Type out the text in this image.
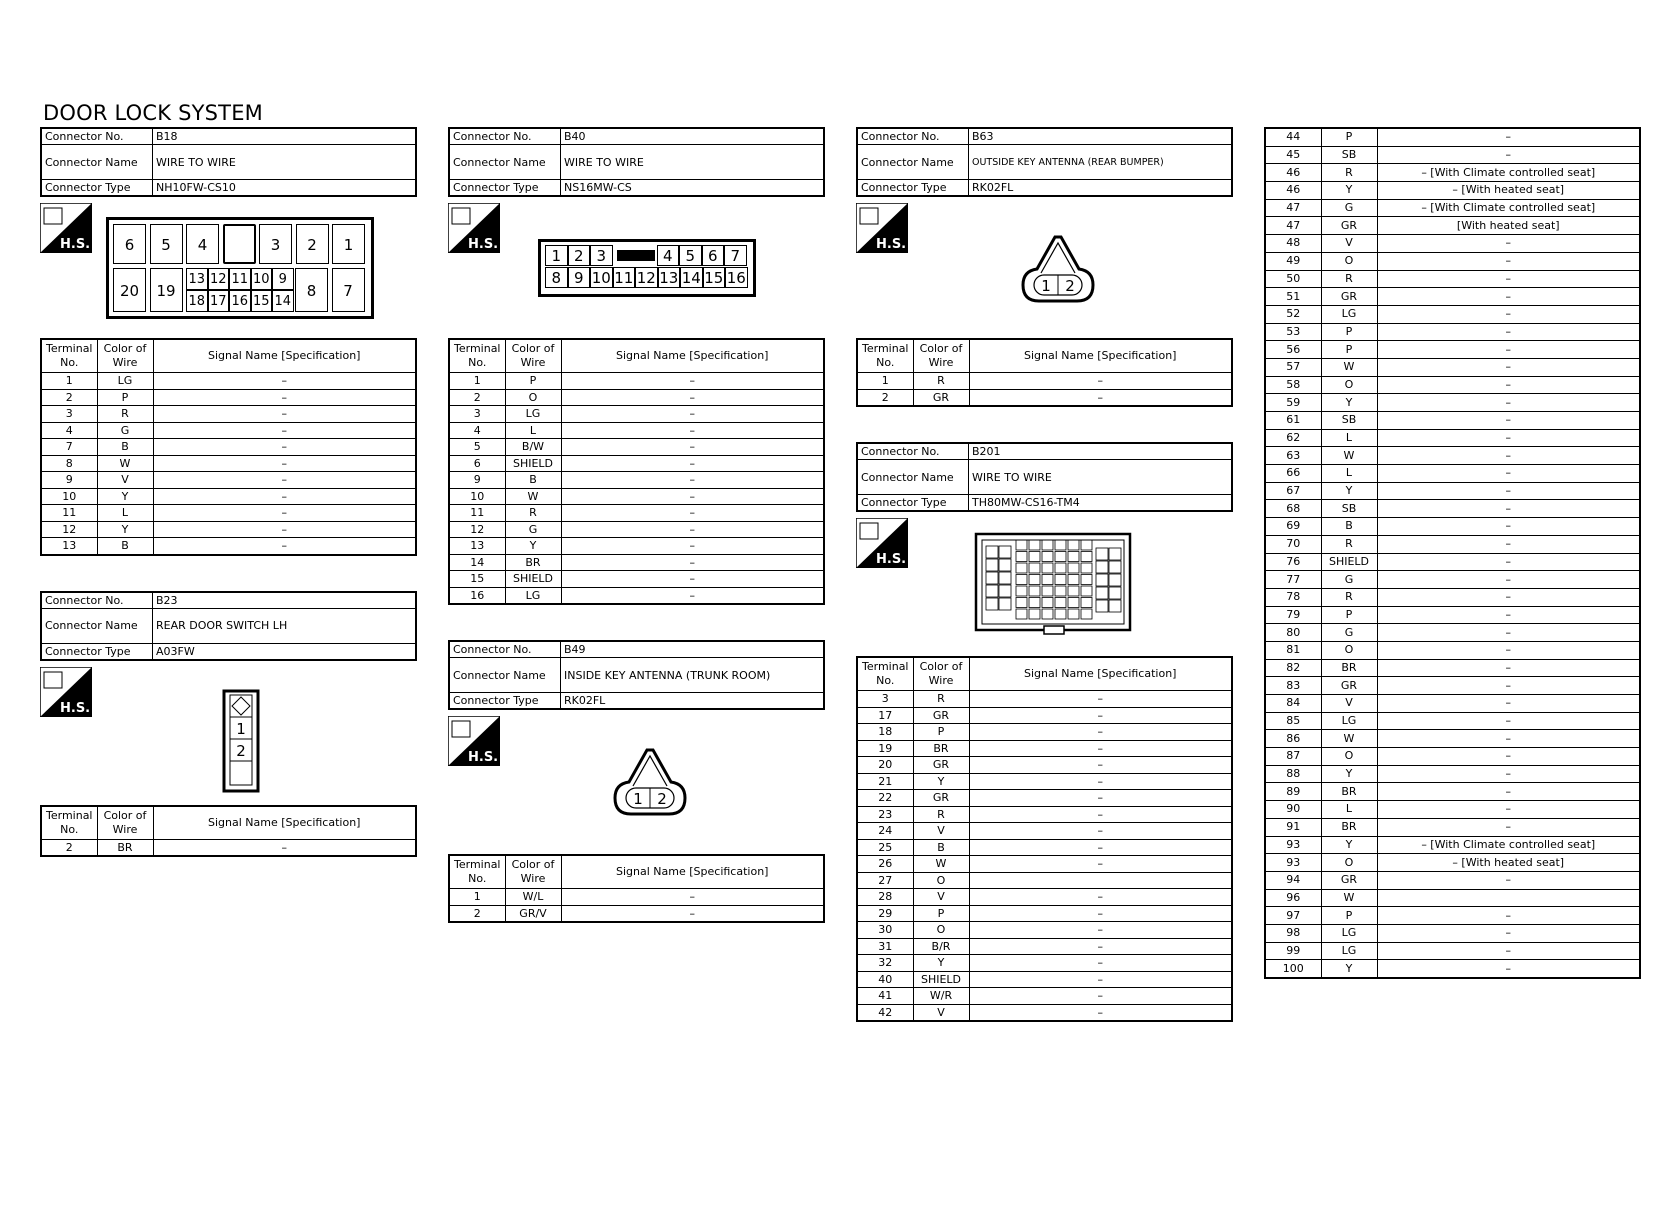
DOOR LOCK SYSTEM
Connector No.	B18
Connector Name	WIRE TO WIRE
Connector Type	NH10FW-CS10
H.S.	6	5	4	3	2	1
20	19
13 12 11 10 9
18 17 16 15 14
8	7
Terminal No.	Color of Wire	Signal Name [Specification]
1	LG	–
2	P	–
3	R	–
4	G	–
7	B	–
8	W	–
9	V	–
10	Y	–
11	L	–
12	Y	–
13	B	–
Connector No.	B23
Connector Name	REAR DOOR SWITCH LH
Connector Type	A03FW
H.S.
1
2
Terminal No.	Color of Wire	Signal Name [Specification]
2	BR	–
Connector No.	B40
Connector Name	WIRE TO WIRE
Connector Type	NS16MW-CS
H.S.
1 2 3	4 5 6 7
8 9 10 11 12 13 14 15 16
Terminal No.	Color of Wire	Signal Name [Specification]
1	P	–
2	O	–
3	LG	–
4	L	–
5	B/W	–
6	SHIELD	–
9	B	–
10	W	–
11	R	–
12	G	–
13	Y	–
14	BR	–
15	SHIELD	–
16	LG	–
Connector No.	B49
Connector Name	INSIDE KEY ANTENNA (TRUNK ROOM)
Connector Type	RK02FL
H.S.
1 2
Terminal No.	Color of Wire	Signal Name [Specification]
1	W/L	–
2	GR/V	–
Connector No.	B63
Connector Name	OUTSIDE KEY ANTENNA (REAR BUMPER)
Connector Type	RK02FL
H.S.
1 2
Terminal No.	Color of Wire	Signal Name [Specification]
1	R	–
2	GR	–
Connector No.	B201
Connector Name	WIRE TO WIRE
Connector Type	TH80MW-CS16-TM4
H.S.
Terminal No.	Color of Wire	Signal Name [Specification]
3	R	–
17	GR	–
18	P	–
19	BR	–
20	GR	–
21	Y	–
22	GR	–
23	R	–
24	V	–
25	B	–
26	W	–
27	O	
28	V	–
29	P	–
30	O	–
31	B/R	–
32	Y	–
40	SHIELD	–
41	W/R	–
42	V	–
44	P	–
45	SB	–
46	R	– [With Climate controlled seat]
46	Y	– [With heated seat]
47	G	– [With Climate controlled seat]
47	GR	[With heated seat]
48	V	–
49	O	–
50	R	–
51	GR	–
52	LG	–
53	P	–
56	P	–
57	W	–
58	O	–
59	Y	–
61	SB	–
62	L	–
63	W	–
66	L	–
67	Y	–
68	SB	–
69	B	–
70	R	–
76	SHIELD	–
77	G	–
78	R	–
79	P	–
80	G	–
81	O	–
82	BR	–
83	GR	–
84	V	–
85	LG	–
86	W	–
87	O	–
88	Y	–
89	BR	–
90	L	–
91	BR	–
93	Y	– [With Climate controlled seat]
93	O	– [With heated seat]
94	GR	–
96	W	
97	P	–
98	LG	–
99	LG	–
100	Y	–
